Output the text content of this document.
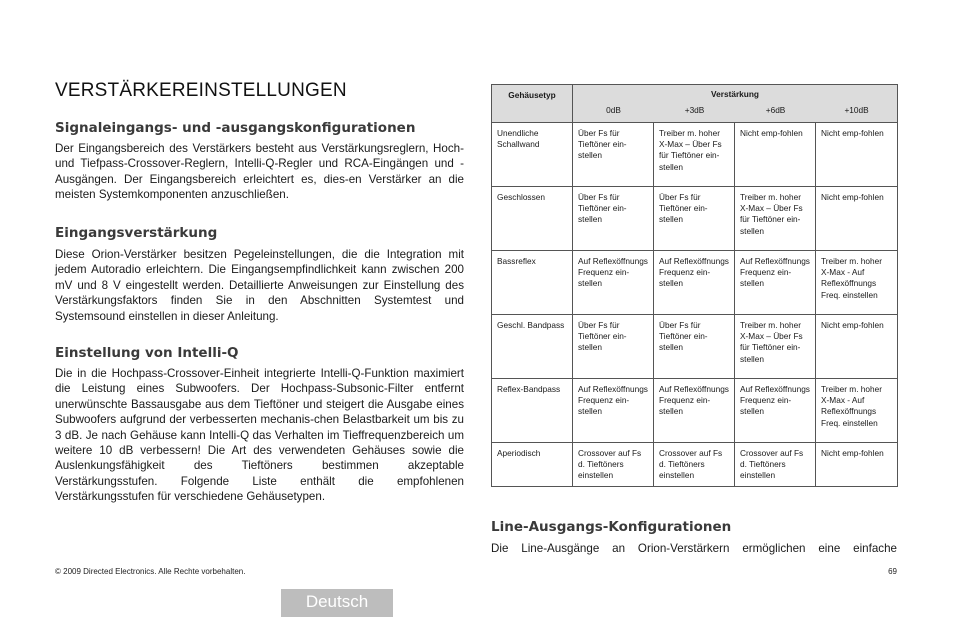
VERSTÄRKEREINSTELLUNGEN
Signaleingangs- und -ausgangskonfigurationen

Der Eingangsbereich des Verstärkers besteht aus Verstärkungsreglern, Hoch- und Tiefpass-Crossover-Reglern, Intelli-Q-Regler und RCA-Eingängen und -Ausgängen. Der Eingangsbereich erleichtert es, dies-en Verstärker an die meisten Systemkomponenten anzuschließen.

Eingangsverstärkung

Diese Orion-Verstärker besitzen Pegeleinstellungen, die die Integration mit jedem Autoradio erleichtern. Die Eingangsempfindlichkeit kann zwischen 200 mV und 8 V eingestellt werden. Detaillierte Anweisungen zur Einstellung des Verstärkungsfaktors finden Sie in den Abschnitten Systemtest und Systemsound einstellen in dieser Anleitung.

Einstellung von Intelli-Q

Die in die Hochpass-Crossover-Einheit integrierte Intelli-Q-Funktion maximiert die Leistung eines Subwoofers. Der Hochpass-Subsonic-Filter entfernt unerwünschte Bassausgabe aus dem Tieftöner und steigert die Ausgabe eines Subwoofers aufgrund der verbesserten mechanis-chen Belastbarkeit um bis zu 3 dB. Je nach Gehäuse kann Intelli-Q das Verhalten im Tieffrequenzbereich um weitere 10 dB verbessern! Die Art des verwendeten Gehäuses sowie die Auslenkungsfähigkeit des Tieftöners bestimmen akzeptable Verstärkungsstufen. Folgende Liste enthält die empfohlenen Verstärkungsstufen für verschiedene Gehäusetypen.

Gehäusetyp	Verstärkung
0dB +3dB +6dB +10dB			

Unendliche Schallwand	Über Fs für Tieftöner ein-stellen	Treiber m. hoher X-Max – Über Fs für Tieftöner ein-stellen	Nicht emp-fohlen	Nicht emp-fohlen
Geschlossen	Über Fs für Tieftöner ein-stellen	Über Fs für Tieftöner ein-stellen	Treiber m. hoher X-Max – Über Fs für Tieftöner ein-stellen	Nicht emp-fohlen
Bassreflex	Auf Reflexöffnungs Frequenz ein-stellen	Auf Reflexöffnungs Frequenz ein-stellen	Auf Reflexöffnungs Frequenz ein-stellen	Treiber m. hoher X-Max - Auf Reflexöffnungs Freq. einstellen
Geschl. Bandpass	Über Fs für Tieftöner ein-stellen	Über Fs für Tieftöner ein-stellen	Treiber m. hoher X-Max – Über Fs für Tieftöner ein-stellen	Nicht emp-fohlen
Reflex-Bandpass	Auf Reflexöffnungs Frequenz ein-stellen	Auf Reflexöffnungs Frequenz ein-stellen	Auf Reflexöffnungs Frequenz ein-stellen	Treiber m. hoher X-Max - Auf Reflexöffnungs Freq. einstellen
Aperiodisch	Crossover auf Fs d. Tieftöners einstellen	Crossover auf Fs d. Tieftöners einstellen	Crossover auf Fs d. Tieftöners einstellen	Nicht emp-fohlen
Line-Ausgangs-Konfigurationen

Die Line-Ausgänge an Orion-Verstärkern ermöglichen eine einfache

© 2009 Directed Electronics. Alle Rechte vorbehalten.	69
Deutsch
